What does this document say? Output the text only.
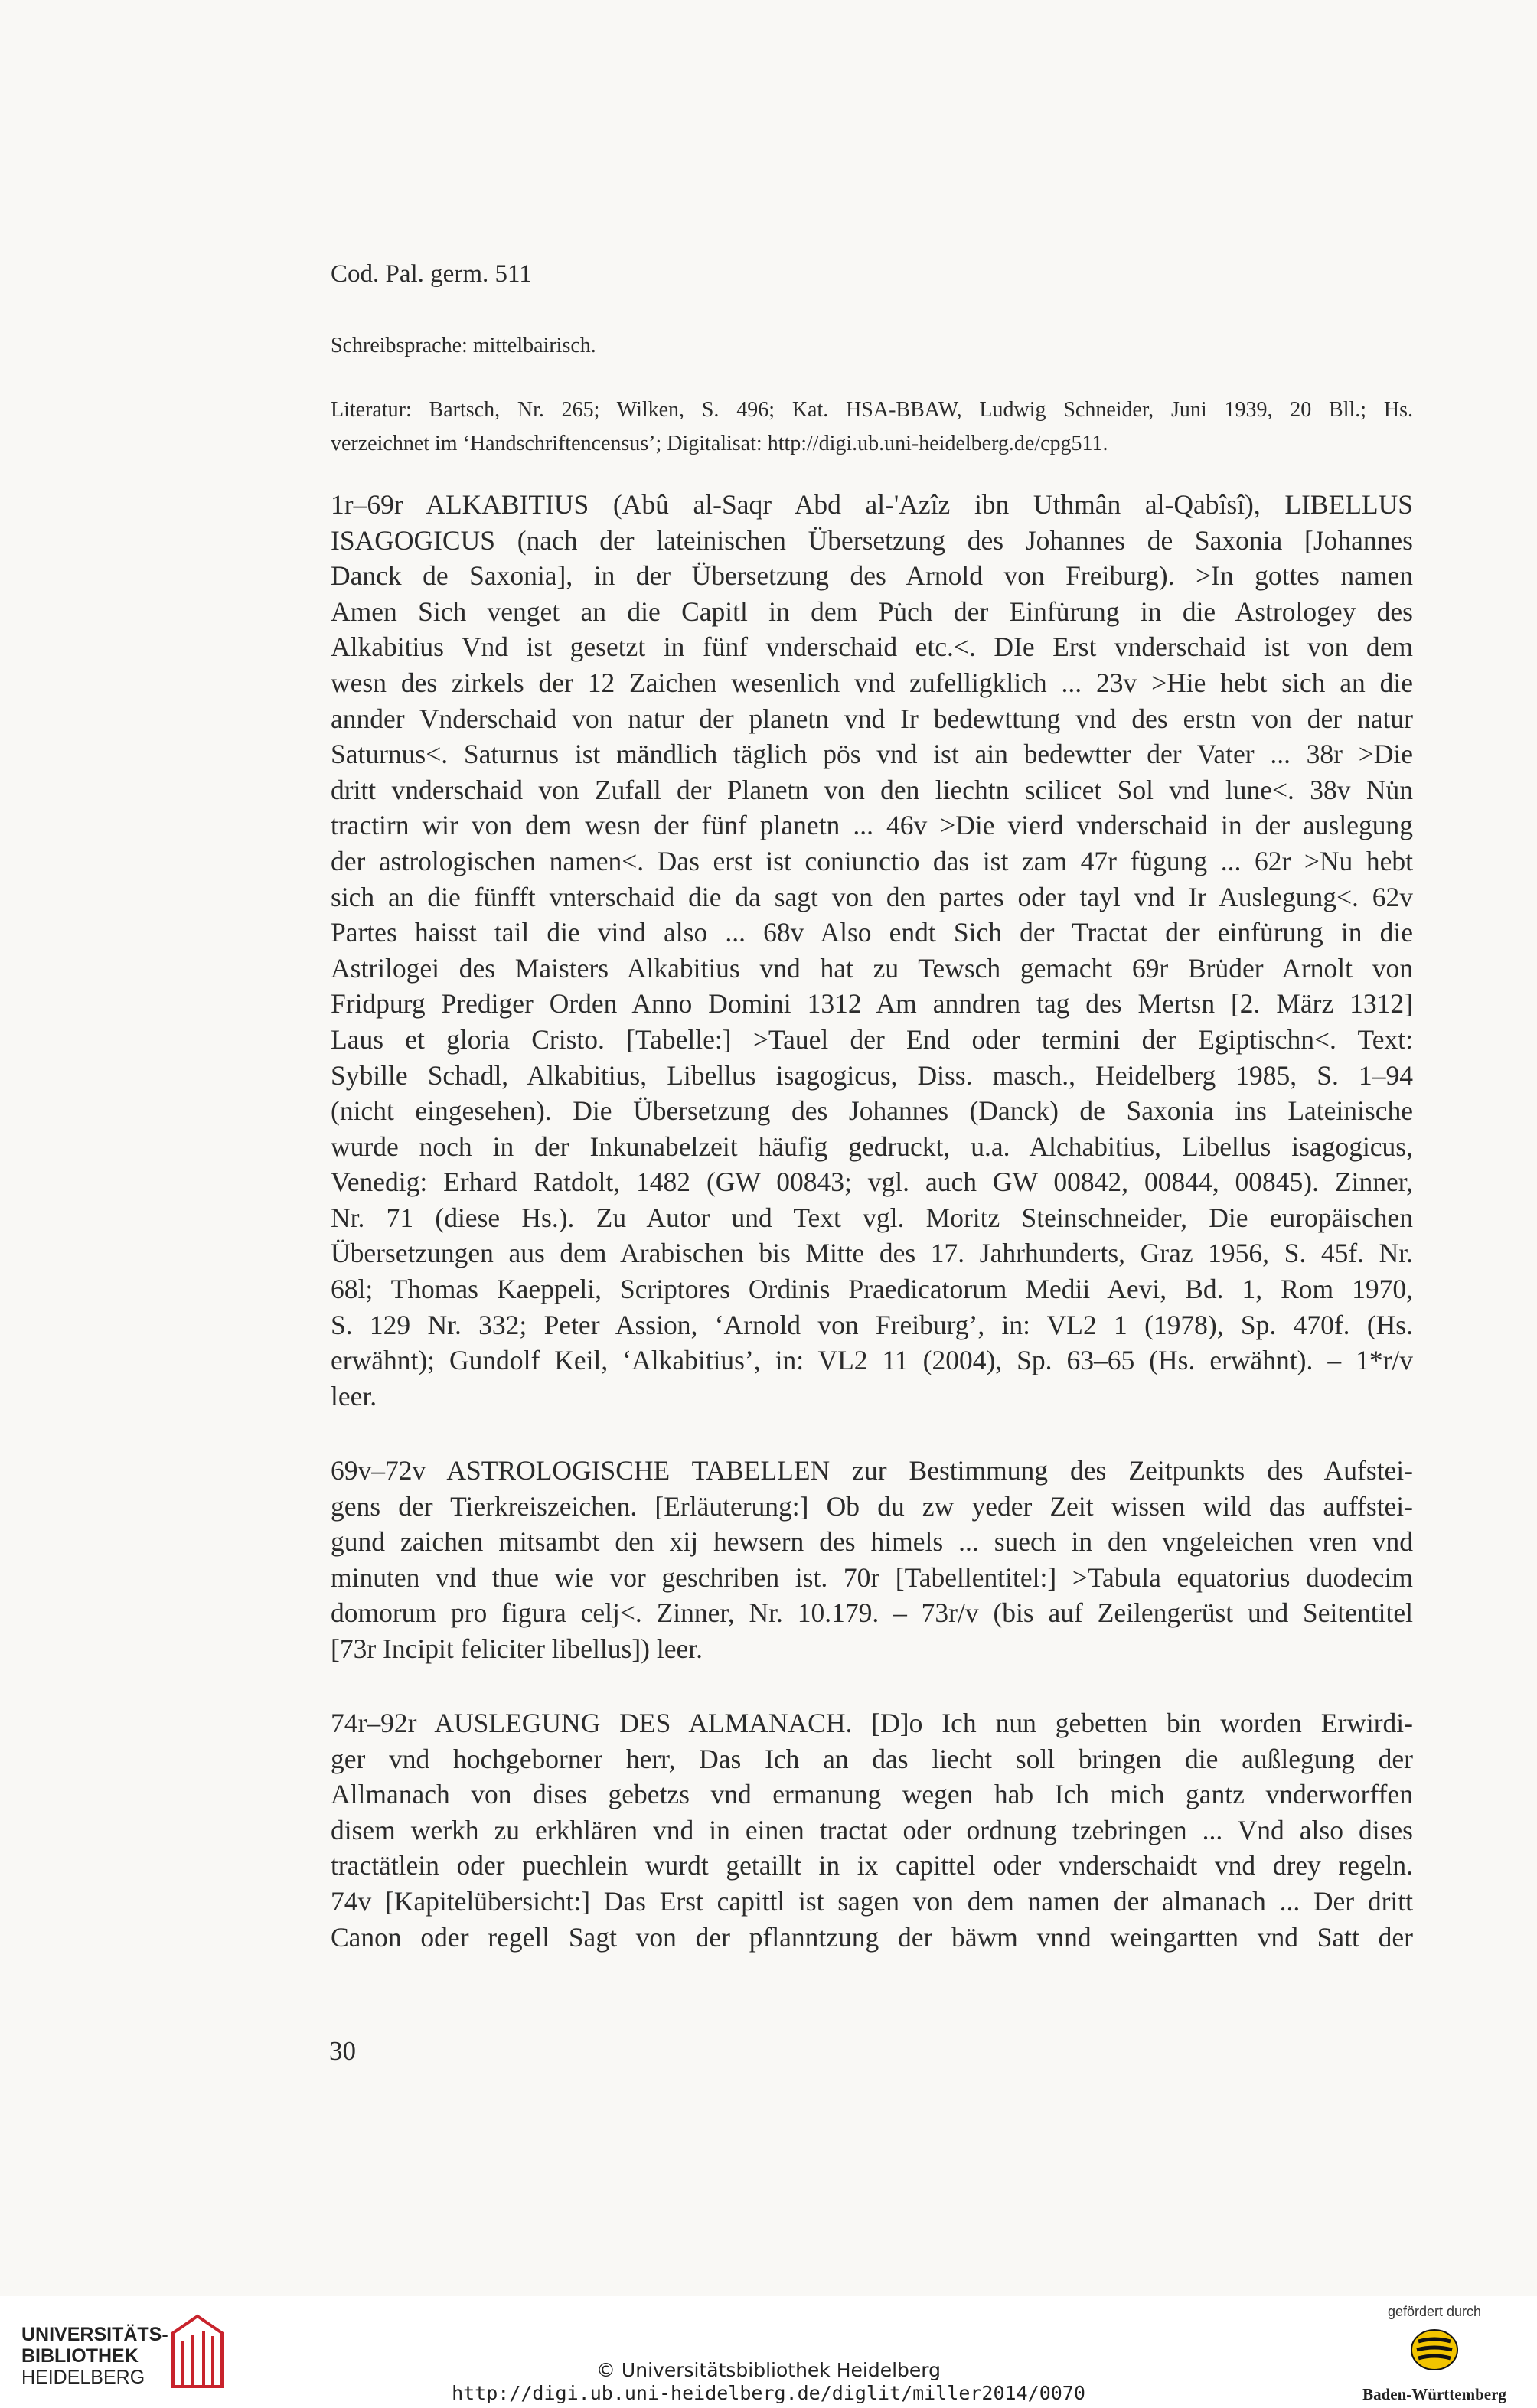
Cod. Pal. germ. 511
Schreibsprache: mittelbairisch.
Literatur: Bartsch, Nr. 265; Wilken, S. 496; Kat. HSA-BBAW, Ludwig Schneider, Juni 1939, 20 Bll.; Hs.
verzeichnet im ‘Handschriftencensus’; Digitalisat: http://digi.ub.uni-heidelberg.de/cpg511.
1r–69r ALKABITIUS (Abû al-Saqr Abd al-'Azîz ibn Uthmân al-Qabîsî), LIBELLUS
ISAGOGICUS (nach der lateinischen Übersetzung des Johannes de Saxonia [Johannes
Danck de Saxonia], in der Übersetzung des Arnold von Freiburg). >In gottes namen
Amen Sich venget an die Capitl in dem Pu̇ch der Einfu̇rung in die Astrologey des
Alkabitius Vnd ist gesetzt in fünf vnderschaid etc.<. DIe Erst vnderschaid ist von dem
wesn des zirkels der 12 Zaichen wesenlich vnd zufelligklich ... 23v >Hie hebt sich an die
annder Vnderschaid von natur der planetn vnd Ir bedewttung vnd des erstn von der natur
Saturnus<. Saturnus ist mändlich täglich pös vnd ist ain bedewtter der Vater ... 38r >Die
dritt vnderschaid von Zufall der Planetn von den liechtn scilicet Sol vnd lune<. 38v Nu̇n
tractirn wir von dem wesn der fünf planetn ... 46v >Die vierd vnderschaid in der auslegung
der astrologischen namen<. Das erst ist coniunctio das ist zam 47r fu̇gung ... 62r >Nu hebt
sich an die fünfft vnterschaid die da sagt von den partes oder tayl vnd Ir Auslegung<. 62v
Partes haisst tail die vind also ... 68v Also endt Sich der Tractat der einfu̇rung in die
Astrilogei des Maisters Alkabitius vnd hat zu Tewsch gemacht 69r Bru̇der Arnolt von
Fridpurg Prediger Orden Anno Domini 1312 Am anndren tag des Mertsn [2. März 1312]
Laus et gloria Cristo. [Tabelle:] >Tauel der End oder termini der Egiptischn<. Text:
Sybille Schadl, Alkabitius, Libellus isagogicus, Diss. masch., Heidelberg 1985, S. 1–94
(nicht eingesehen). Die Übersetzung des Johannes (Danck) de Saxonia ins Lateinische
wurde noch in der Inkunabelzeit häufig gedruckt, u.a. Alchabitius, Libellus isagogicus,
Venedig: Erhard Ratdolt, 1482 (GW 00843; vgl. auch GW 00842, 00844, 00845). Zinner,
Nr. 71 (diese Hs.). Zu Autor und Text vgl. Moritz Steinschneider, Die europäischen
Übersetzungen aus dem Arabischen bis Mitte des 17. Jahrhunderts, Graz 1956, S. 45f. Nr.
68l; Thomas Kaeppeli, Scriptores Ordinis Praedicatorum Medii Aevi, Bd. 1, Rom 1970,
S. 129 Nr. 332; Peter Assion, ‘Arnold von Freiburg’, in: VL2 1 (1978), Sp. 470f. (Hs.
erwähnt); Gundolf Keil, ‘Alkabitius’, in: VL2 11 (2004), Sp. 63–65 (Hs. erwähnt). – 1*r/v
leer.
69v–72v ASTROLOGISCHE TABELLEN zur Bestimmung des Zeitpunkts des Aufstei-
gens der Tierkreiszeichen. [Erläuterung:] Ob du zw yeder Zeit wissen wild das auffstei-
gund zaichen mitsambt den xij hewsern des himels ... suech in den vngeleichen vren vnd
minuten vnd thue wie vor geschriben ist. 70r [Tabellentitel:] >Tabula equatorius duodecim
domorum pro figura celj<. Zinner, Nr. 10.179. – 73r/v (bis auf Zeilengerüst und Seitentitel
[73r Incipit feliciter libellus]) leer.
74r–92r AUSLEGUNG DES ALMANACH. [D]o Ich nun gebetten bin worden Erwirdi-
ger vnd hochgeborner herr, Das Ich an das liecht soll bringen die außlegung der
Allmanach von dises gebetzs vnd ermanung wegen hab Ich mich gantz vnderworffen
disem werkh zu erkhlären vnd in einen tractat oder ordnung tzebringen ... Vnd also dises
tractätlein oder puechlein wurdt getaillt in ix capittel oder vnderschaidt vnd drey regeln.
74v [Kapitelübersicht:] Das Erst capittl ist sagen von dem namen der almanach ... Der dritt
Canon oder regell Sagt von der pflanntzung der bäwm vnnd weingartten vnd Satt der
30
UNIVERSITÄTS-
BIBLIOTHEK
HEIDELBERG	© Universitätsbibliothek Heidelberg
http://digi.ub.uni-heidelberg.de/diglit/miller2014/0070
gefördert durch
Baden-Württemberg
